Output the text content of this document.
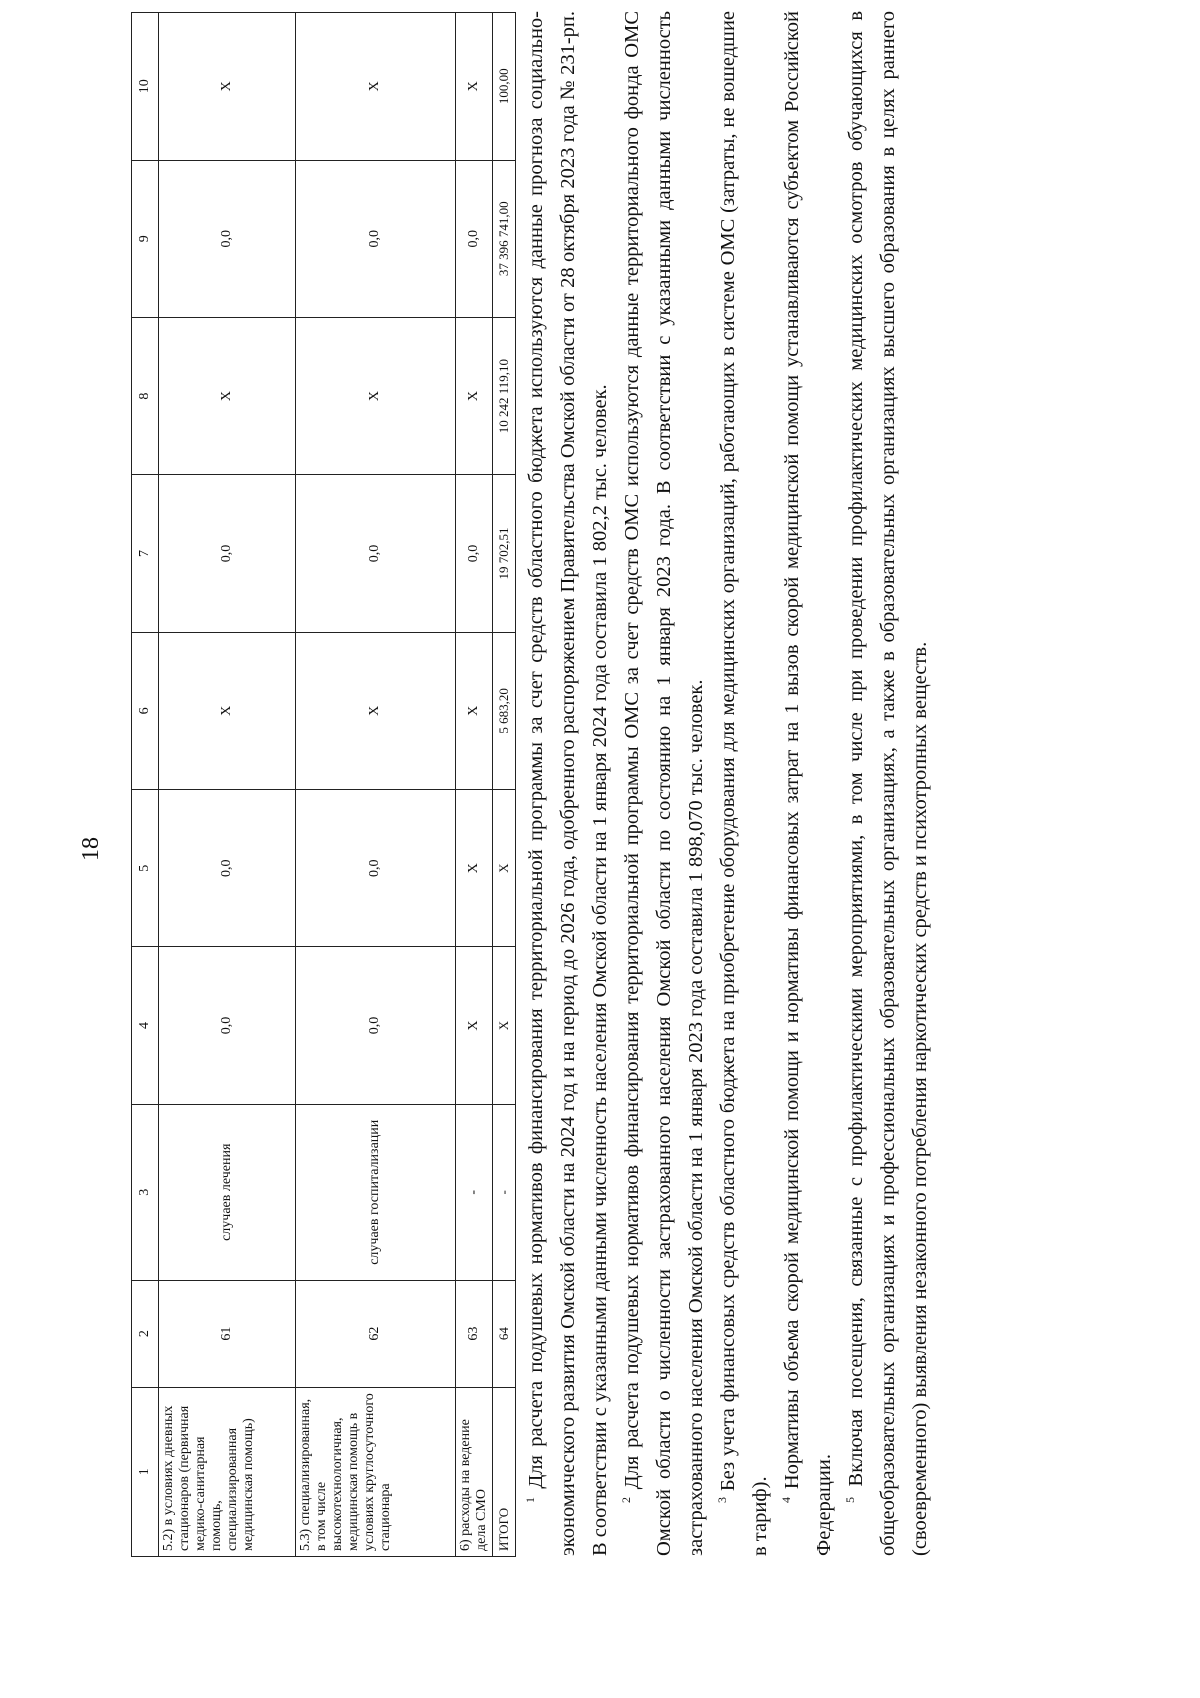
18
1	2	3	4	5	6	7	8	9	10
5.2) в условиях дневных стационаров (первичная медико-санитарная помощь, специализированная медицинская помощь)	61	случаев лечения	0,0	0,0	Х	0,0	Х	0,0	Х
5.3) специализированная, в том числе высокотехнологичная, медицинская помощь в условиях круглосуточного стационара	62	случаев госпитализации	0,0	0,0	Х	0,0	Х	0,0	Х
6) расходы на ведение дела СМО	63	-	Х	Х	Х	0,0	Х	0,0	Х
ИТОГО	64	-	Х	Х	5 683,20	19 702,51	10 242 119,10	37 396 741,00	100,00

$^1$ Для расчета подушевых нормативов финансирования территориальной программы за счет средств областного бюджета используются данные прогноза социально-экономического развития Омской области на 2024 год и на период до 2026 года, одобренного распоряжением Правительства Омской области от 28 октября 2023 года № 231-рп. В соответствии с указанными данными численность населения Омской области на 1 января 2024 года составила 1 802,2 тыс. человек. $^2$ Для расчета подушевых нормативов финансирования территориальной программы ОМС за счет средств ОМС используются данные территориального фонда ОМС Омской области о численности застрахованного населения Омской области по состоянию на 1 января 2023 года. В соответствии с указанными данными численность застрахованного населения Омской области на 1 января 2023 года составила 1 898,070 тыс. человек. $^3$ Без учета финансовых средств областного бюджета на приобретение оборудования для медицинских организаций, работающих в системе ОМС (затраты, не вошедшие в тариф). $^4$ Нормативы объема скорой медицинской помощи и нормативы финансовых затрат на 1 вызов скорой медицинской помощи устанавливаются субъектом Российской Федерации. $^5$ Включая посещения, связанные с профилактическими мероприятиями, в том числе при проведении профилактических медицинских осмотров обучающихся в общеобразовательных организациях и профессиональных образовательных организациях, а также в образовательных организациях высшего образования в целях раннего (своевременного) выявления незаконного потребления наркотических средств и психотропных веществ.
